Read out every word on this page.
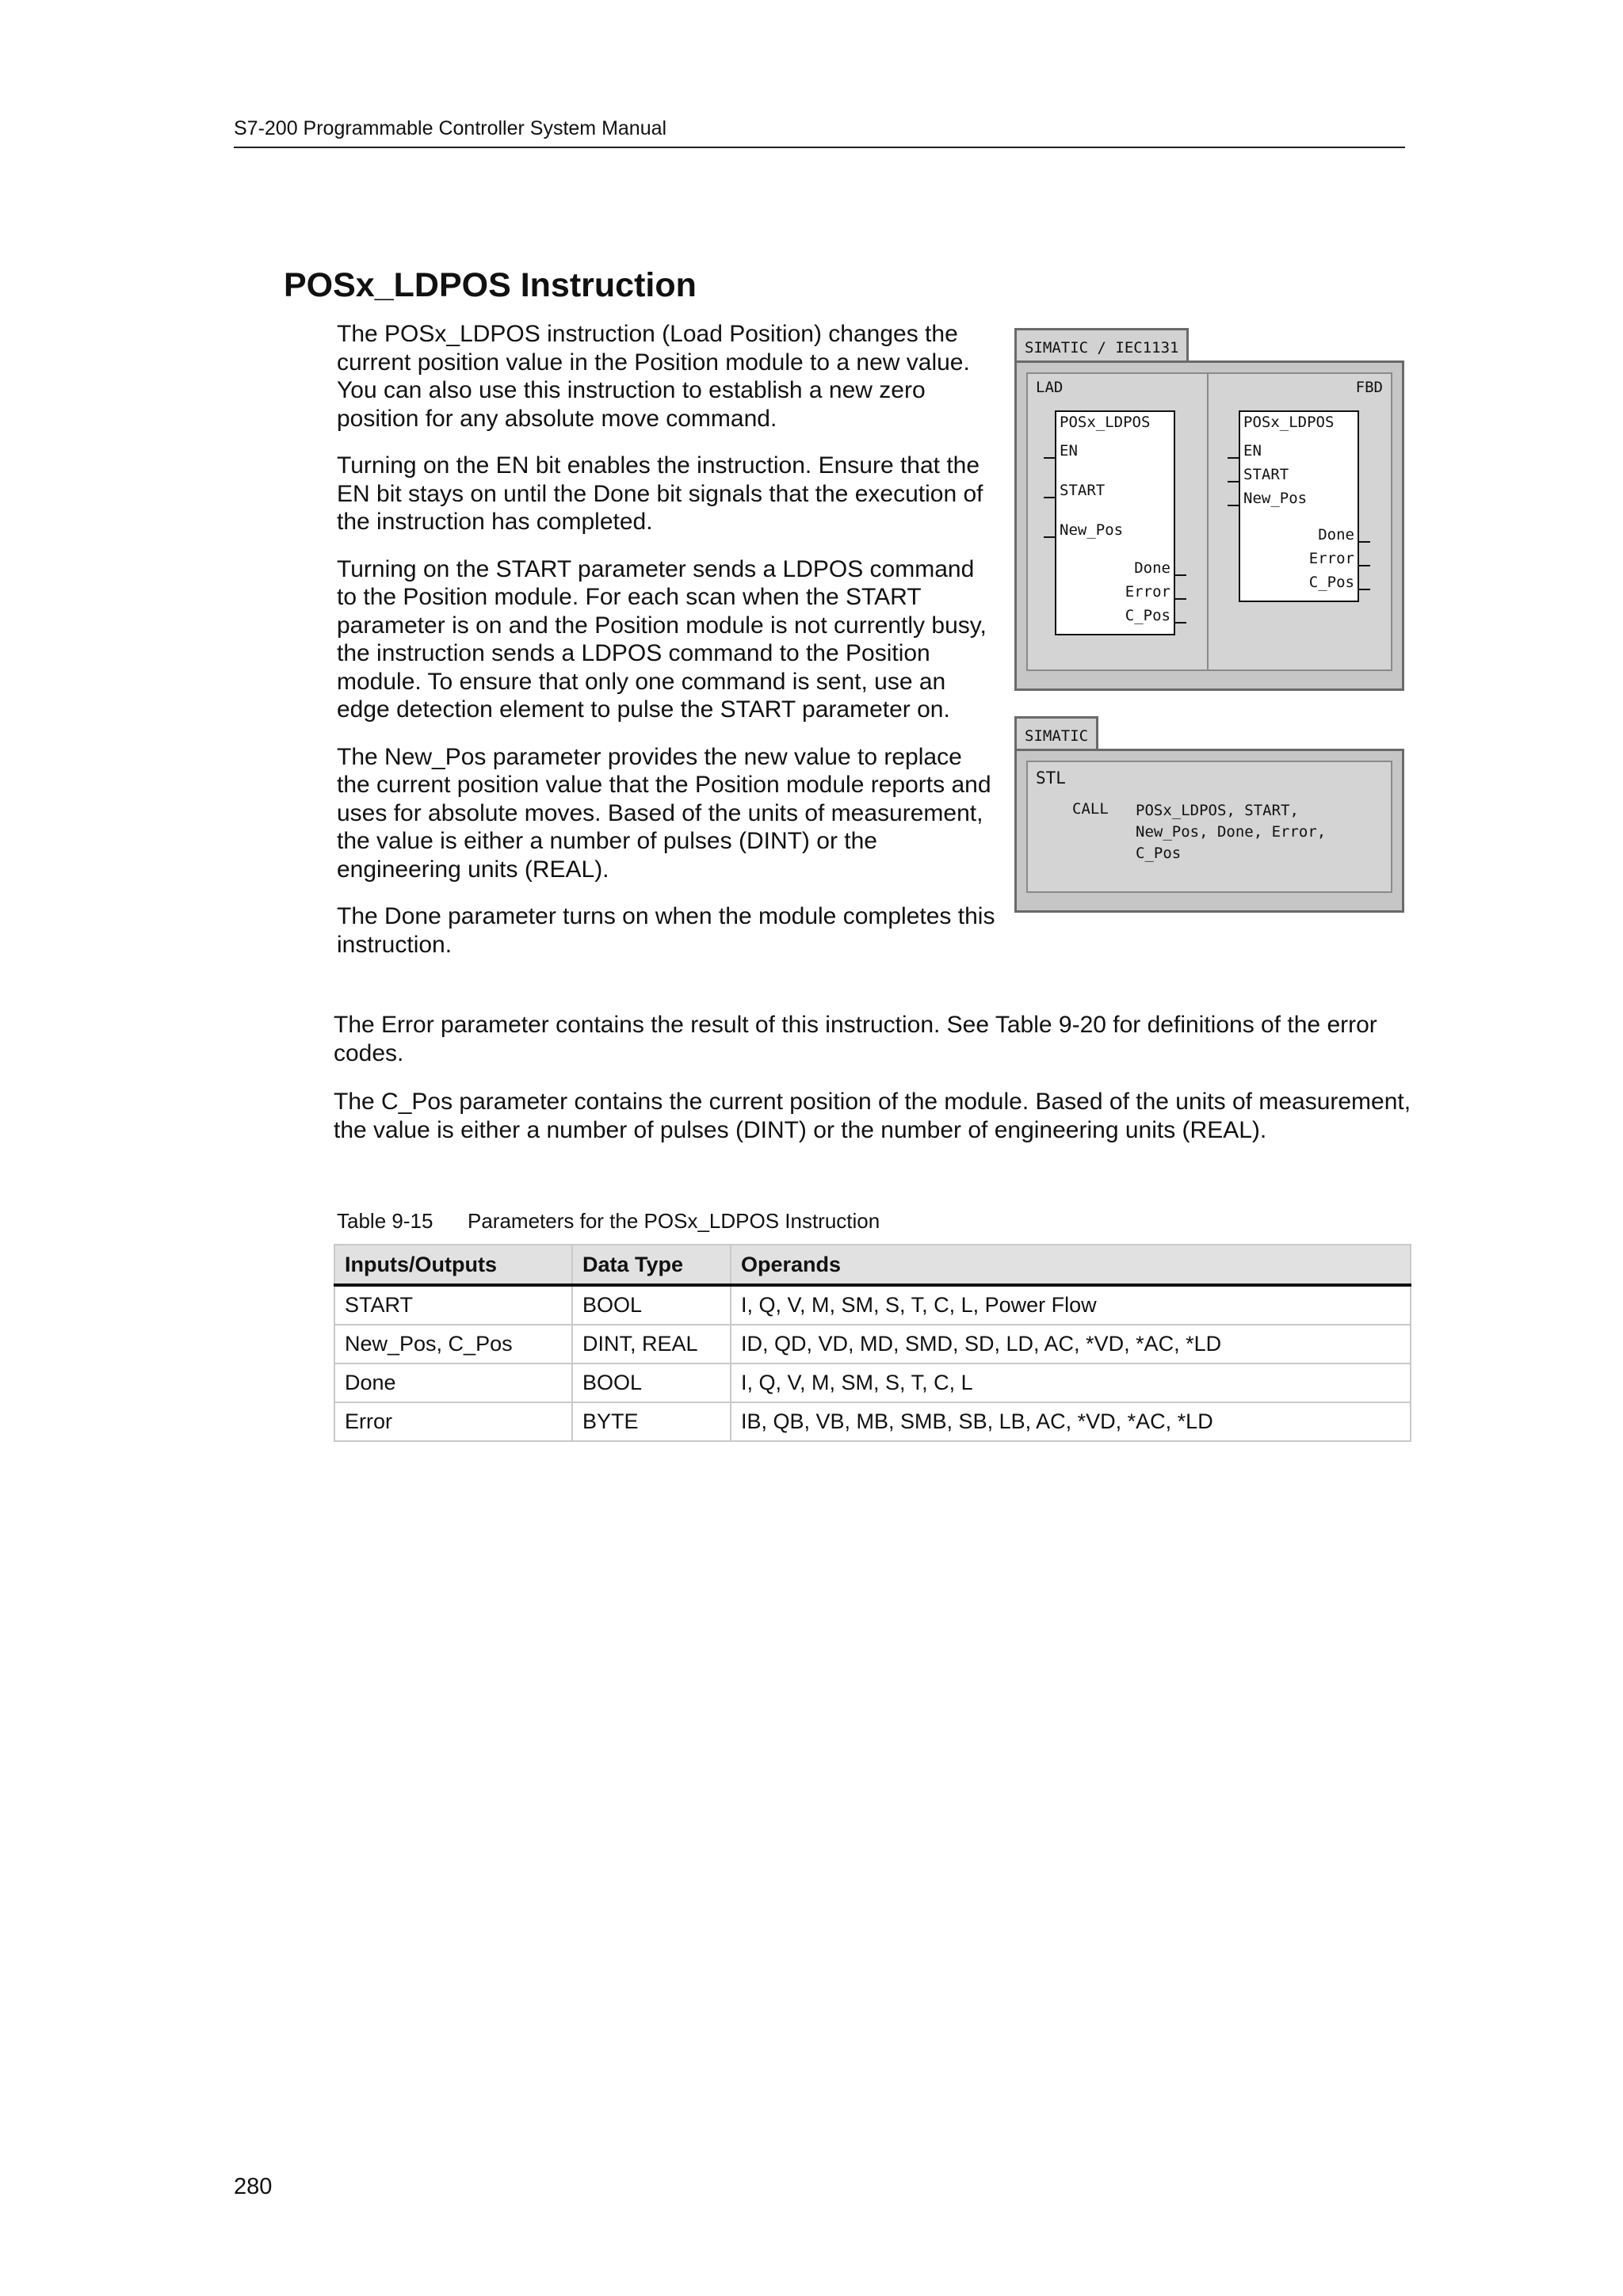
S7-200 Programmable Controller System Manual
POSx_LDPOS Instruction

The POSx_LDPOS instruction (Load Position) changes the current position value in the Position module to a new value. You can also use this instruction to establish a new zero position for any absolute move command.

Turning on the EN bit enables the instruction. Ensure that the EN bit stays on until the Done bit signals that the execution of the instruction has completed.

Turning on the START parameter sends a LDPOS command to the Position module. For each scan when the START parameter is on and the Position module is not currently busy, the instruction sends a LDPOS command to the Position module. To ensure that only one command is sent, use an edge detection element to pulse the START parameter on.

The New_Pos parameter provides the new value to replace the current position value that the Position module reports and uses for absolute moves. Based of the units of measurement, the value is either a number of pulses (DINT) or the engineering units (REAL).

The Done parameter turns on when the module completes this instruction.

SIMATIC / IEC1131
LAD
POSx_LDPOS
EN
START
New_Pos
Done
Error
C_Pos
FBD
POSx_LDPOS
EN
START
New_Pos
Done
Error
C_Pos
SIMATIC
STL
CALL POSx_LDPOS, START,
New_Pos, Done, Error,
C_Pos

The Error parameter contains the result of this instruction. See Table 9-20 for definitions of the error codes.

The C_Pos parameter contains the current position of the module. Based of the units of measurement, the value is either a number of pulses (DINT) or the number of engineering units (REAL).

Table 9-15 Parameters for the POSx_LDPOS Instruction
Inputs/Outputs	Data Type	Operands
START	BOOL	I, Q, V, M, SM, S, T, C, L, Power Flow
New_Pos, C_Pos	DINT, REAL	ID, QD, VD, MD, SMD, SD, LD, AC, *VD, *AC, *LD
Done	BOOL	I, Q, V, M, SM, S, T, C, L
Error	BYTE	IB, QB, VB, MB, SMB, SB, LB, AC, *VD, *AC, *LD
280
